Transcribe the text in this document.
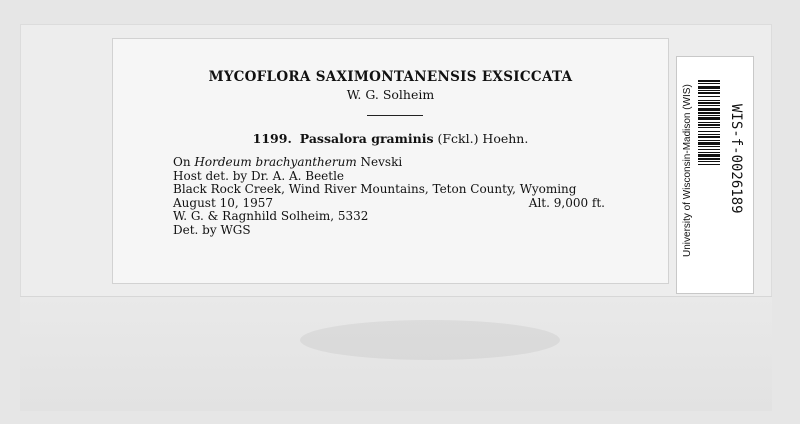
MYCOFLORA SAXIMONTANENSIS EXSICCATA
W. G. Solheim
1199. Passalora graminis (Fckl.) Hoehn.
On Hordeum brachyantherum Nevski
Host det. by Dr. A. A. Beetle
Black Rock Creek, Wind River Mountains, Teton County, Wyoming
August 10, 1957	Alt. 9,000 ft.
W. G. & Ragnhild Solheim, 5332
Det. by WGS	University of Wisconsin-Madison (WIS)	WIS-f-0026189
